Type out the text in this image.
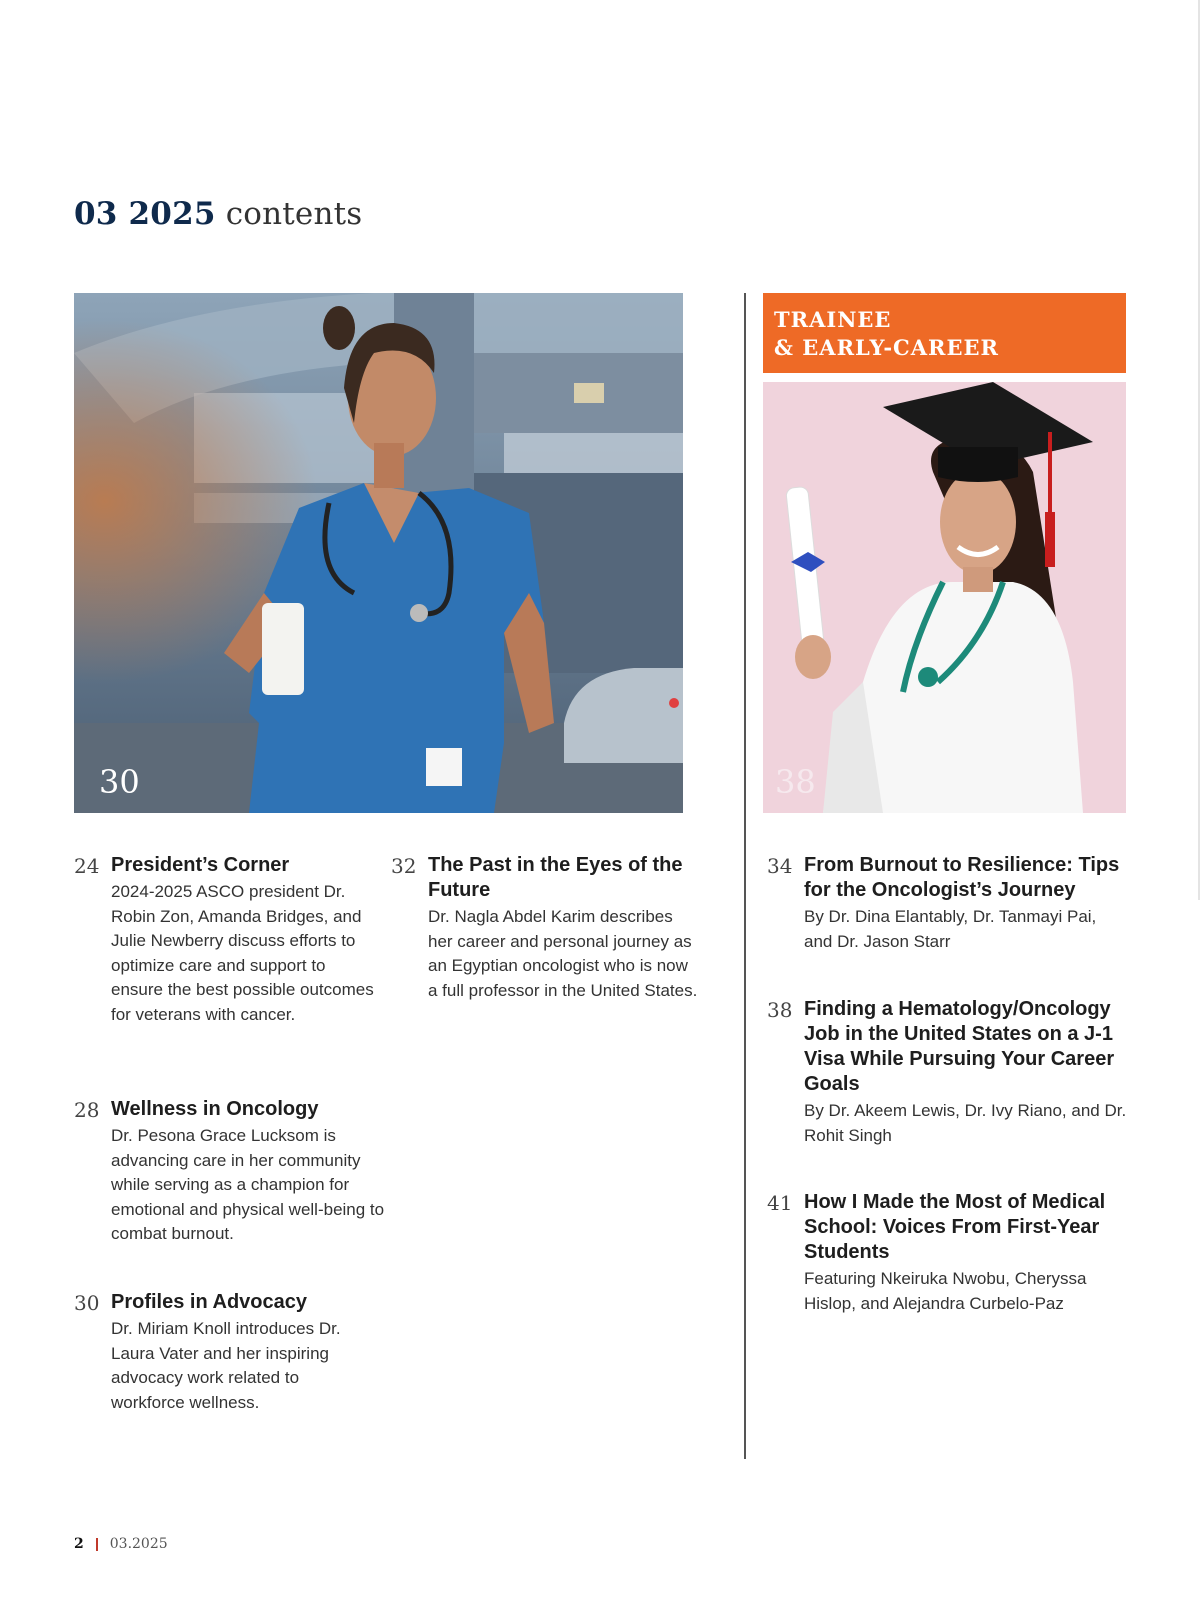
03 2025 contents
30
TRAINEE
& EARLY-CAREER
38
24 President’s Corner

2024-2025 ASCO president Dr. Robin Zon, Amanda Bridges, and Julie Newberry discuss efforts to optimize care and support to ensure the best possible outcomes for veterans with cancer.

28 Wellness in Oncology

Dr. Pesona Grace Lucksom is advancing care in her community while serving as a champion for emotional and physical well-being to combat burnout.

30 Profiles in Advocacy

Dr. Miriam Knoll introduces Dr. Laura Vater and her inspiring advocacy work related to workforce wellness.

32 The Past in the Eyes of the Future

Dr. Nagla Abdel Karim describes her career and personal journey as an Egyptian oncologist who is now a full professor in the United States.

34 From Burnout to Resilience: Tips for the Oncologist’s Journey

By Dr. Dina Elantably, Dr. Tanmayi Pai, and Dr. Jason Starr

38 Finding a Hematology/Oncology Job in the United States on a J-1 Visa While Pursuing Your Career Goals

By Dr. Akeem Lewis, Dr. Ivy Riano, and Dr. Rohit Singh

41 How I Made the Most of Medical School: Voices From First-Year Students

Featuring Nkeiruka Nwobu, Cheryssa Hislop, and Alejandra Curbelo-Paz

2 03.2025
